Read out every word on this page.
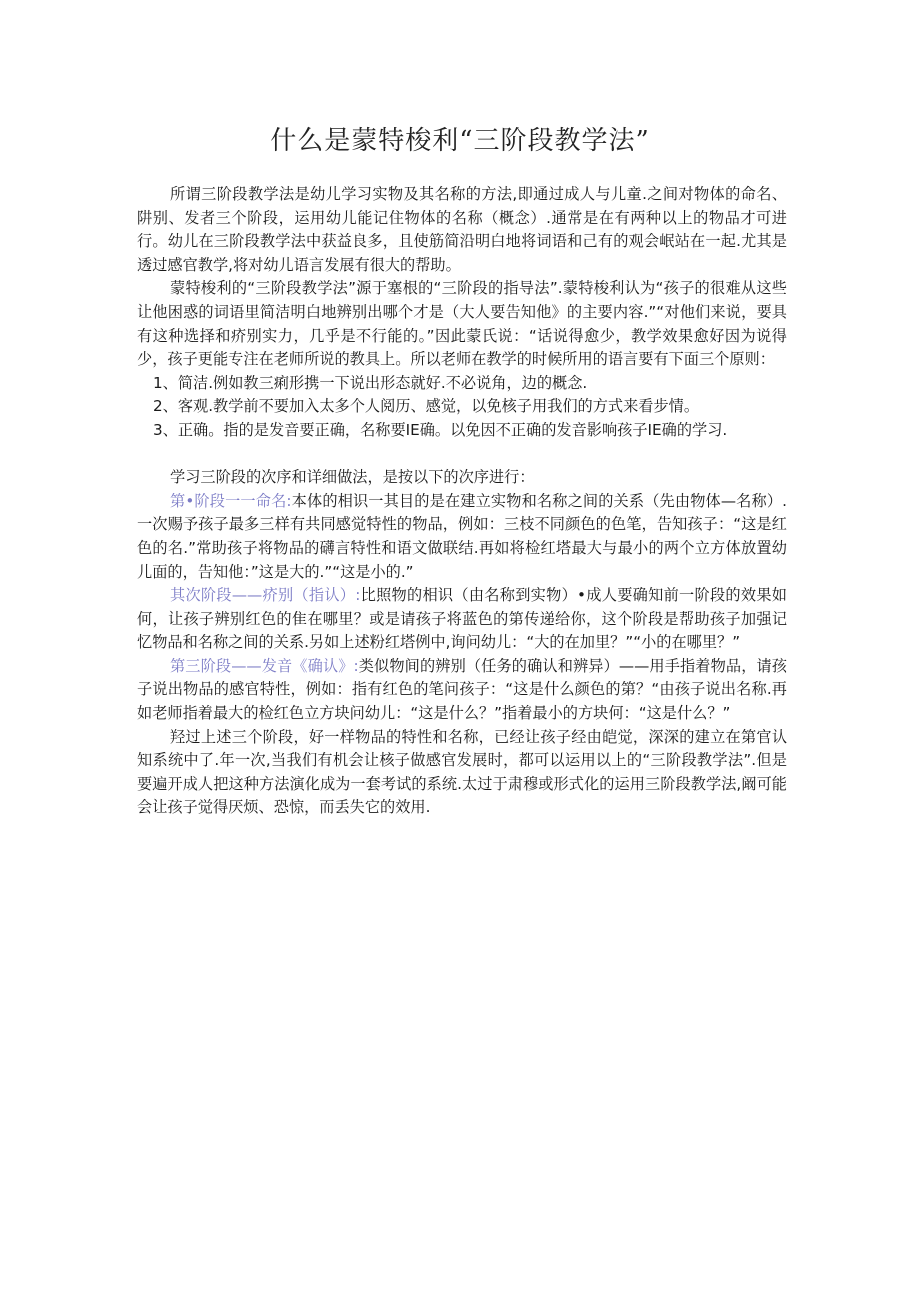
什么是蒙特梭利“三阶段教学法”

所谓三阶段教学法是幼儿学习实物及其名称的方法,即通过成人与儿童.之间对物体的命名、阱别、发者三个阶段，运用幼儿能记住物体的名称（概念）.通常是在有两种以上的物品才可进行。幼儿在三阶段教学法中获益良多，且使筋简沿明白地将词语和己有的观会岷站在一起.尤其是透过感官教学,将对幼儿语言发展有很大的帮助。

蒙特梭利的“三阶段教学法”源于塞根的“三阶段的指导法”.蒙特梭利认为“孩子的很难从这些让他困惑的词语里简洁明白地辨别出哪个才是（大人要告知他》的主要内容.”“对他们来说，要具有这种选择和疥别实力，几乎是不行能的。”因此蒙氏说：“话说得愈少，教学效果愈好因为说得少，孩子更能专注在老师所说的教具上。所以老师在教学的时候所用的语言要有下面三个原则：

1、简洁.例如教三痢形携一下说出形态就好.不必说角，边的概念.

2、客观.教学前不要加入太多个人阅历、感觉，以免核子用我们的方式来看步情。

3、正确。指的是发音要正确，名称要IE确。以免因不正确的发音影响孩子IE确的学习.

学习三阶段的次序和详细做法，是按以下的次序进行：

第•阶段一一命名:本体的相识一其目的是在建立实物和名称之间的关系（先由物体—名称）.一次赐予孩子最多三样有共同感觉特性的物品，例如：三枝不同颜色的色笔，告知孩子：“这是红色的名.”常助孩子将物品的礴言特性和语文做联结.再如将检红塔最大与最小的两个立方体放置幼儿面的，告知他：”这是大的.”“这是小的.”

其次阶段——疥别（指认）:比照物的相识（由名称到实物）•成人要确知前一阶段的效果如何，让孩子辨别红色的隹在哪里？或是请孩子将蓝色的第传递给你，这个阶段是帮助孩子加强记忆物品和名称之间的关系.另如上述粉红塔例中,询问幼儿：“大的在加里？”“小的在哪里？”

第三阶段——发音《确认》:类似物间的辨别（任务的确认和辨异）——用手指着物品，请孩子说出物品的感官特性，例如：指有红色的笔问孩子：“这是什么颜色的第？“由孩子说出名称.再如老师指着最大的检红色立方块问幼儿：“这是什么？”指着最小的方块何：“这是什么？”

羟过上述三个阶段，好一样物品的特性和名称，已经让孩子经由皑觉，深深的建立在第官认知系统中了.年一次,当我们有机会让核子做感官发展时，都可以运用以上的“三阶段教学法”.但是要遍开成人把这种方法演化成为一套考试的系统.太过于肃穆或形式化的运用三阶段教学法,阚可能会让孩子觉得厌烦、恐惊，而丢失它的效用.
